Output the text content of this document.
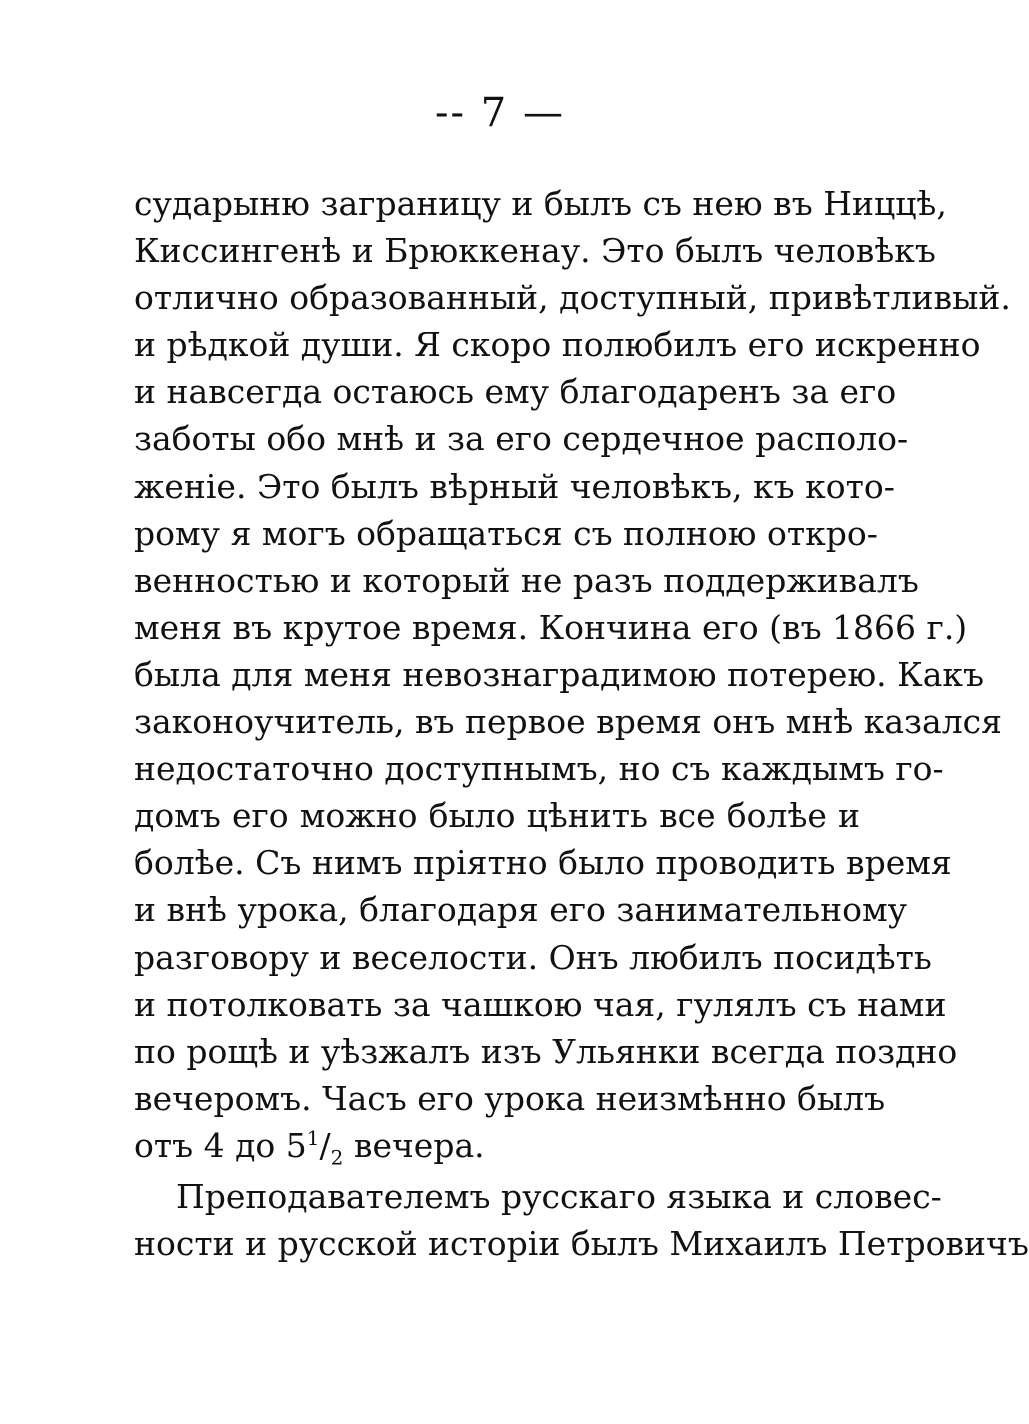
-- 7 —
сударыню заграницу и былъ съ нею въ Ниццѣ,
Киссингенѣ и Брюккенау. Это былъ человѣкъ
отлично образованный, доступный, привѣтливый.
и рѣдкой души. Я скоро полюбилъ его искренно
и навсегда остаюсь ему благодаренъ за его
заботы обо мнѣ и за его сердечное располо-
женіе. Это былъ вѣрный человѣкъ, къ кото-
рому я могъ обращаться съ полною откро-
венностью и который не разъ поддерживалъ
меня въ крутое время. Кончина его (въ 1866 г.)
была для меня невознаградимою потерею. Какъ
законоучитель, въ первое время онъ мнѣ казался
недостаточно доступнымъ, но съ каждымъ го-
домъ его можно было цѣнить все болѣе и
болѣе. Съ нимъ пріятно было проводить время
и внѣ урока, благодаря его занимательному
разговору и веселости. Онъ любилъ посидѣть
и потолковать за чашкою чая, гулялъ съ нами
по рощѣ и уѣзжалъ изъ Ульянки всегда поздно
вечеромъ. Часъ его урока неизмѣнно былъ
отъ 4 до $5^1/_2$ вечера.
Преподавателемъ русскаго языка и словес-
ности и русской исторіи былъ Михаилъ Петровичъ
